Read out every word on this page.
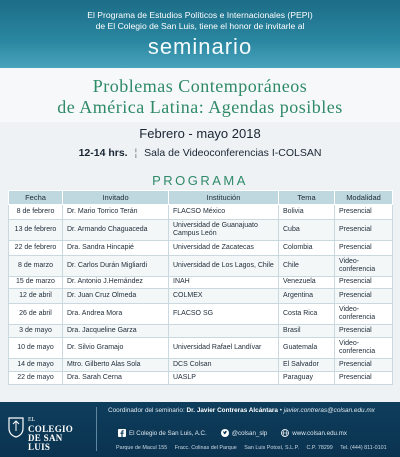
El Programa de Estudios Políticos e Internacionales (PEPI)
de El Colegio de San Luis, tiene el honor de invitarle al
seminario
Problemas Contemporáneos
de América Latina: Agendas posibles
Febrero - mayo 2018
12-14 hrs. ¦ Sala de Videoconferencias I-COLSAN
PROGRAMA
Fecha	Invitado	Institución	Tema	Modalidad
8 de febrero	Dr. Mario Torrico Terán	FLACSO México	Bolivia	Presencial
13 de febrero	Dr. Armando Chaguaceda	Universidad de Guanajuato Campus León	Cuba	Presencial
22 de febrero	Dra. Sandra Hincapié	Universidad de Zacatecas	Colombia	Presencial
8 de marzo	Dr. Carlos Durán Migliardi	Universidad de Los Lagos, Chile	Chile	Video-conferencia
15 de marzo	Dr. Antonio J.Hernández	INAH	Venezuela	Presencial
12 de abril	Dr. Juan Cruz Olmeda	COLMEX	Argentina	Presencial
26 de abril	Dra. Andrea Mora	FLACSO SG	Costa Rica	Video-conferencia
3 de mayo	Dra. Jacqueline Garza		Brasil	Presencial
10 de mayo	Dr. Silvio Gramajo	Universidad Rafael Landívar	Guatemala	Video-conferencia
14 de mayo	Mtro. Gilberto Alas Sola	DCS Colsan	El Salvador	Presencial
22 de mayo	Dra. Sarah Cerna	UASLP	Paraguay	Presencial
EL
COLEGIO
DE SAN LUIS
Coordinador del seminario: Dr. Javier Contreras Alcántara • javier.contreras@colsan.edu.mx
El Colegio de San Luis, A.C.	@colsan_slp	www.colsan.edu.mx
Parque de Macul 155 Fracc. Colinas del Parque San Luis Potosí, S.L.P. C.P. 78299 Tel. (444) 811-0101
